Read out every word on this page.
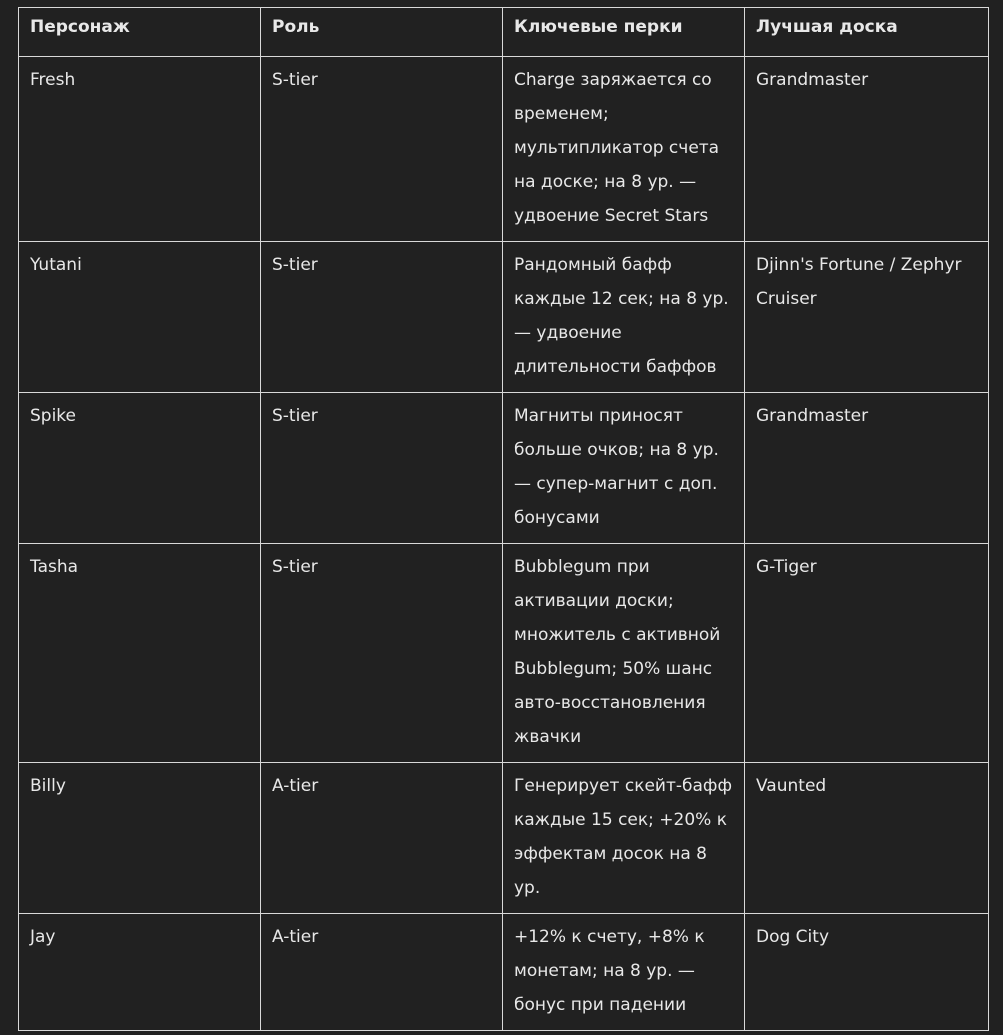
Персонаж	Роль	Ключевые перки	Лучшая доска
Fresh	S-tier	Charge заряжается со временем; мультипликатор счета на доске; на 8 ур. — удвоение Secret Stars	Grandmaster
Yutani	S-tier	Рандомный бафф каждые 12 сек; на 8 ур. — удвоение длительности баффов	Djinn's Fortune / Zephyr Cruiser
Spike	S-tier	Магниты приносят больше очков; на 8 ур. — супер-магнит с доп. бонусами	Grandmaster
Tasha	S-tier	Bubblegum при активации доски; множитель с активной Bubblegum; 50% шанс авто-восстановления жвачки	G-Tiger
Billy	A-tier	Генерирует скейт-бафф каждые 15 сек; +20% к эффектам досок на 8 ур.	Vaunted
Jay	A-tier	+12% к счету, +8% к монетам; на 8 ур. — бонус при падении	Dog City
